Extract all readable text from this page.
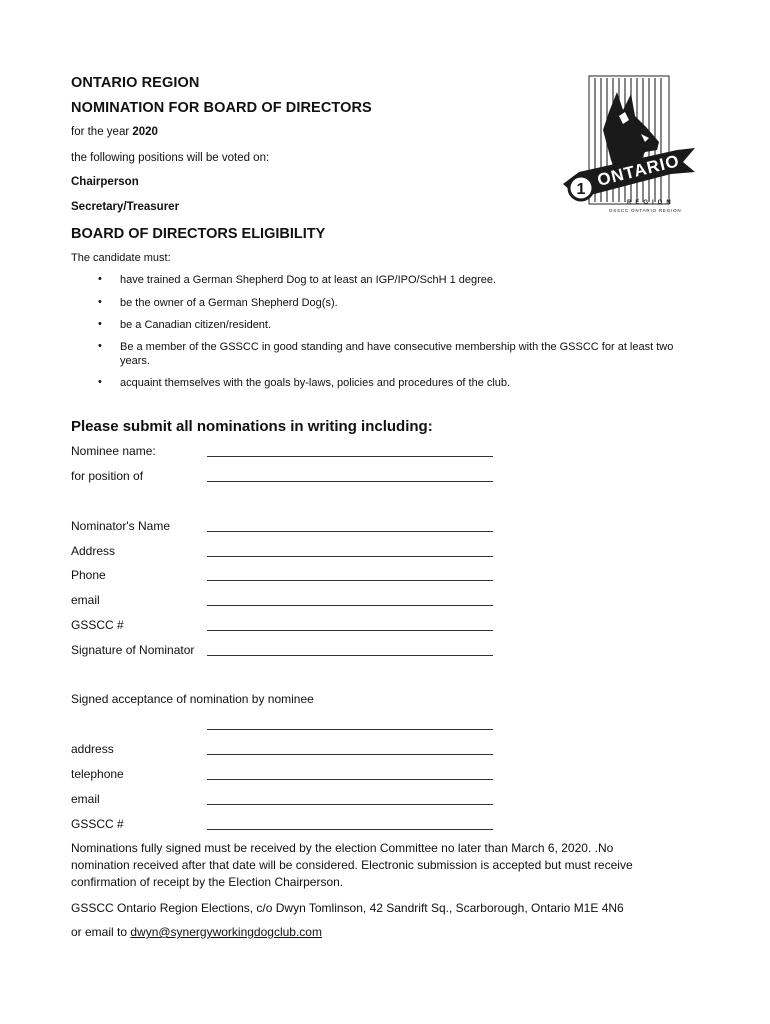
ONTARIO REGION
NOMINATION FOR BOARD OF DIRECTORS
for the year 2020
the following positions will be voted on:
Chairperson
Secretary/Treasurer
1 ONTARIO
REGION
GSSCC ONTARIO REGION
BOARD OF DIRECTORS ELIGIBILITY
The candidate must:
• have trained a German Shepherd Dog to at least an IGP/IPO/SchH 1 degree.
• be the owner of a German Shepherd Dog(s).
• be a Canadian citizen/resident.
• Be a member of the GSSCC in good standing and have consecutive membership with the GSSCC for at least two years.
• acquaint themselves with the goals by-laws, policies and procedures of the club.
Please submit all nominations in writing including:
Nominee name:
for position of
Nominator's Name
Address
Phone
email
GSSCC #
Signature of Nominator
Signed acceptance of nomination by nominee
address
telephone
email
GSSCC #
Nominations fully signed must be received by the election Committee no later than March 6, 2020. .No nomination received after that date will be considered. Electronic submission is accepted but must receive confirmation of receipt by the Election Chairperson.
GSSCC Ontario Region Elections, c/o Dwyn Tomlinson, 42 Sandrift Sq., Scarborough, Ontario M1E 4N6
or email to dwyn@synergyworkingdogclub.com
